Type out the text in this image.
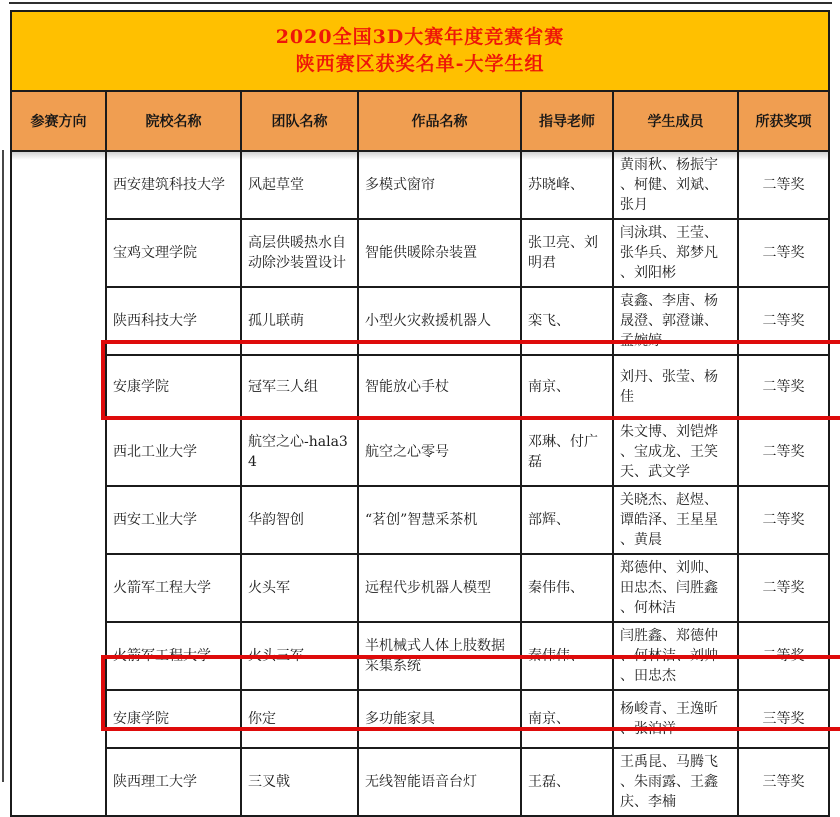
2020全国3D大赛年度竞赛省赛
陕西赛区获奖名单-大学生组						

参赛方向	院校名称	团队名称	作品名称	指导老师	学生成员	所获奖项
	西安建筑科技大学	风起草堂	多模式窗帘	苏晓峰、	黄雨秋、杨振宇、柯健、刘斌、张月	二等奖
	宝鸡文理学院	高层供暖热水自动除沙装置设计	智能供暖除杂装置	张卫亮、刘明君	闫泳琪、王莹、张华兵、郑梦凡、刘阳彬	二等奖
	陕西科技大学	孤儿联萌	小型火灾救援机器人	栾飞、	袁鑫、李唐、杨晟澄、郭澄谦、孟婉婷	二等奖
	安康学院	冠军三人组	智能放心手杖	南京、	刘丹、张莹、杨佳	二等奖
	西北工业大学	航空之心-hala34	航空之心零号	邓琳、付广磊	朱文博、刘铠烨、宝成龙、王笑天、武文学	二等奖
	西安工业大学	华韵智创	“茗创”智慧采茶机	部辉、	关晓杰、赵煜、谭皓泽、王星星、黄晨	二等奖
	火箭军工程大学	火头军	远程代步机器人模型	秦伟伟、	郑德仲、刘帅、田忠杰、闫胜鑫、何林洁	二等奖
	火箭军工程大学	火头三军	半机械式人体上肢数据采集系统	秦伟伟、	闫胜鑫、郑德仲、何林洁、刘帅、田忠杰	二等奖
	安康学院	你定	多功能家具	南京、	杨峻青、王逸昕、张泊洋	三等奖
	陕西理工大学	三叉戟	无线智能语音台灯	王磊、	王禹昆、马腾飞、朱雨露、王鑫庆、李楠	三等奖
